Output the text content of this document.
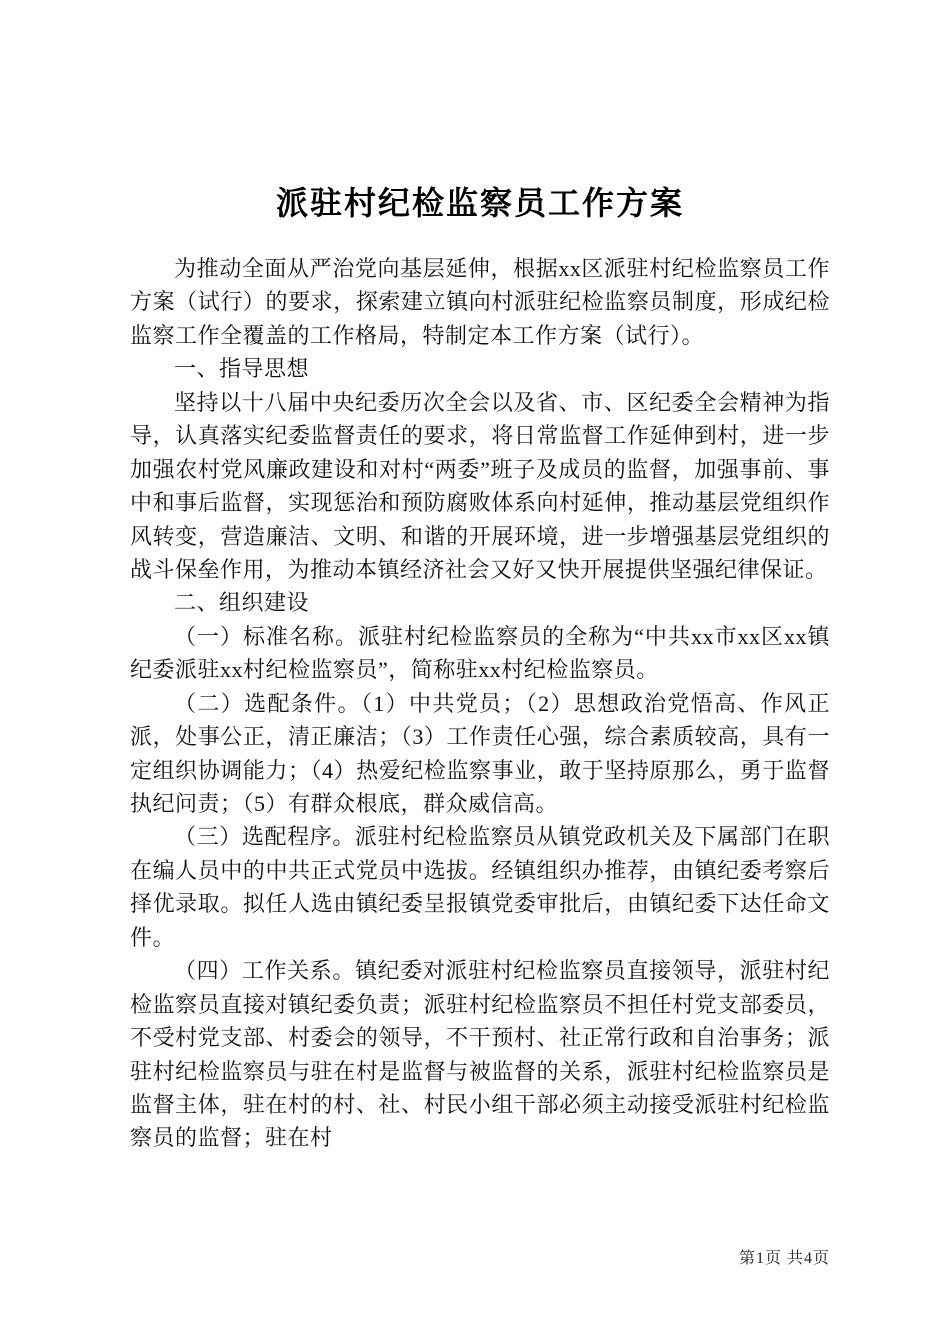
派驻村纪检监察员工作方案

为推动全面从严治党向基层延伸，根据xx区派驻村纪检监察员工作方案（试行）的要求，探索建立镇向村派驻纪检监察员制度，形成纪检监察工作全覆盖的工作格局，特制定本工作方案（试行）。

一、指导思想

坚持以十八届中央纪委历次全会以及省、市、区纪委全会精神为指导，认真落实纪委监督责任的要求，将日常监督工作延伸到村，进一步加强农村党风廉政建设和对村“两委”班子及成员的监督，加强事前、事中和事后监督，实现惩治和预防腐败体系向村延伸，推动基层党组织作风转变，营造廉洁、文明、和谐的开展环境，进一步增强基层党组织的战斗保垒作用，为推动本镇经济社会又好又快开展提供坚强纪律保证。

二、组织建设

（一）标准名称。派驻村纪检监察员的全称为“中共xx市xx区xx镇纪委派驻xx村纪检监察员”，简称驻xx村纪检监察员。

（二）选配条件。（1）中共党员；（2）思想政治党悟高、作风正派，处事公正，清正廉洁；（3）工作责任心强，综合素质较高，具有一定组织协调能力；（4）热爱纪检监察事业，敢于坚持原那么，勇于监督执纪问责；（5）有群众根底，群众威信高。

（三）选配程序。派驻村纪检监察员从镇党政机关及下属部门在职在编人员中的中共正式党员中选拔。经镇组织办推荐，由镇纪委考察后择优录取。拟任人选由镇纪委呈报镇党委审批后，由镇纪委下达任命文件。

（四）工作关系。镇纪委对派驻村纪检监察员直接领导，派驻村纪检监察员直接对镇纪委负责；派驻村纪检监察员不担任村党支部委员，不受村党支部、村委会的领导，不干预村、社正常行政和自治事务；派驻村纪检监察员与驻在村是监督与被监督的关系，派驻村纪检监察员是监督主体，驻在村的村、社、村民小组干部必须主动接受派驻村纪检监察员的监督；驻在村

第1页 共4页
